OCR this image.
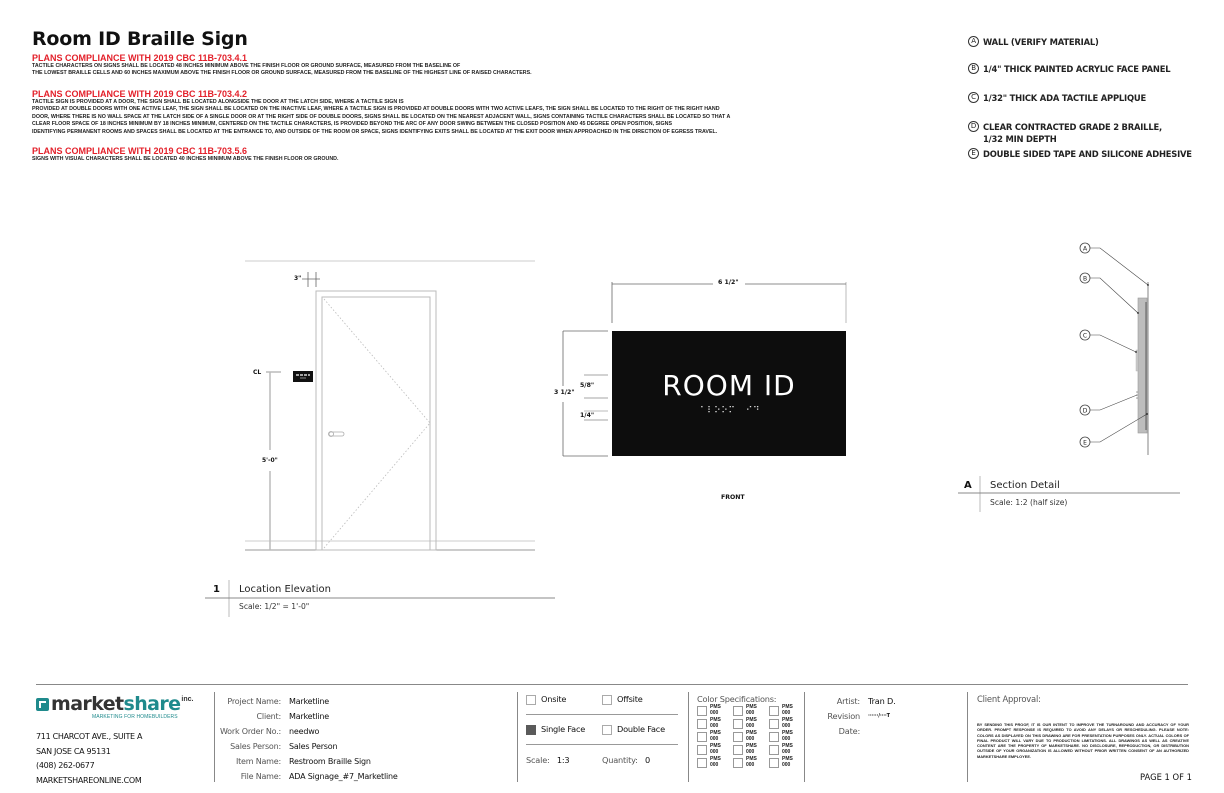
Room ID Braille Sign
PLANS COMPLIANCE WITH 2019 CBC 11B-703.4.1
TACTILE CHARACTERS ON SIGNS SHALL BE LOCATED 48 INCHES MINIMUM ABOVE THE FINISH FLOOR OR GROUND SURFACE, MEASURED FROM THE BASELINE OF
THE LOWEST BRAILLE CELLS AND 60 INCHES MAXIMUM ABOVE THE FINISH FLOOR OR GROUND SURFACE, MEASURED FROM THE BASELINE OF THE HIGHEST LINE OF RAISED CHARACTERS.
PLANS COMPLIANCE WITH 2019 CBC 11B-703.4.2
TACTILE SIGN IS PROVIDED AT A DOOR, THE SIGN SHALL BE LOCATED ALONGSIDE THE DOOR AT THE LATCH SIDE, WHERE A TACTILE SIGN IS
PROVIDED AT DOUBLE DOORS WITH ONE ACTIVE LEAF, THE SIGN SHALL BE LOCATED ON THE INACTIVE LEAF, WHERE A TACTILE SIGN IS PROVIDED AT DOUBLE DOORS WITH TWO ACTIVE LEAFS, THE SIGN SHALL BE LOCATED TO THE RIGHT OF THE RIGHT HAND
DOOR, WHERE THERE IS NO WALL SPACE AT THE LATCH SIDE OF A SINGLE DOOR OR AT THE RIGHT SIDE OF DOUBLE DOORS, SIGNS SHALL BE LOCATED ON THE NEAREST ADJACENT WALL, SIGNS CONTAINING TACTILE CHARACTERS SHALL BE LOCATED SO THAT A
CLEAR FLOOR SPACE OF 18 INCHES MINIMUM BY 18 INCHES MINIMUM, CENTERED ON THE TACTILE CHARACTERS, IS PROVIDED BEYOND THE ARC OF ANY DOOR SWING BETWEEN THE CLOSED POSITION AND 45 DEGREE OPEN POSITION, SIGNS
IDENTIFYING PERMANENT ROOMS AND SPACES SHALL BE LOCATED AT THE ENTRANCE TO, AND OUTSIDE OF THE ROOM OR SPACE, SIGNS IDENTIFYING EXITS SHALL BE LOCATED AT THE EXIT DOOR WHEN APPROACHED IN THE DIRECTION OF EGRESS TRAVEL.
PLANS COMPLIANCE WITH 2019 CBC 11B-703.5.6
SIGNS WITH VISUAL CHARACTERS SHALL BE LOCATED 40 INCHES MINIMUM ABOVE THE FINISH FLOOR OR GROUND.
A WALL (VERIFY MATERIAL)
B 1/4" THICK PAINTED ACRYLIC FACE PANEL
C 1/32" THICK ADA TACTILE APPLIQUE
D CLEAR CONTRACTED GRADE 2 BRAILLE,
1/32 MIN DEPTH
E DOUBLE SIDED TAPE AND SILICONE ADHESIVE
3"
CL
5'-0"
1 Location Elevation
Scale: 1/2" = 1'-0"
ROOM ID
⠁⠇⠕⠕⠍ ⠀⠊⠙
6 1/2"
3 1/2"
5/8"
1/4"
FRONT
A
B
C
D
E
A Section Detail
Scale: 1:2 (half size)
marketshare inc.
MARKETING FOR HOMEBUILDERS
711 CHARCOT AVE., SUITE A
SAN JOSE CA 95131
(408) 262-0677
MARKETSHAREONLINE.COM
Project Name:	Marketline
Client:	Marketline
Work Order No.:	needwo
Sales Person:	Sales Person
Item Name:	Restroom Braille Sign
File Name:	ADA Signage_#7_Marketline
Onsite	Offsite
Single Face	Double Face
Scale: 1:3	Quantity: 0
Color Specifications:
PMS
000
PMS
000
PMS
000
PMS
000
PMS
000
PMS
000
PMS
000
PMS
000
PMS
000
PMS
000
PMS
000
PMS
000
PMS
000
PMS
000
PMS
000
Artist: Tran D.
Revision Date:
······/····T
Client Approval:
BY SENDING THIS PROOF, IT IS OUR INTENT TO IMPROVE THE TURNAROUND AND ACCURACY OF YOUR ORDER. PROMPT RESPONSE IS REQUIRED TO AVOID ANY DELAYS OR RESCHEDULING. PLEASE NOTE: COLORS AS DISPLAYED ON THIS DRAWING ARE FOR PRESENTATION PURPOSES ONLY. ACTUAL COLORS OF FINAL PRODUCT WILL VARY DUE TO PRODUCTION LIMITATIONS. ALL DRAWINGS AS WELL AS CREATIVE CONTENT ARE THE PROPERTY OF MARKETSHARE. NO DISCLOSURE, REPRODUCTION, OR DISTRIBUTION OUTSIDE OF YOUR ORGANIZATION IS ALLOWED WITHOUT PRIOR WRITTEN CONSENT OF AN AUTHORIZED MARKETSHARE EMPLOYEE.
PAGE 1 OF 1
